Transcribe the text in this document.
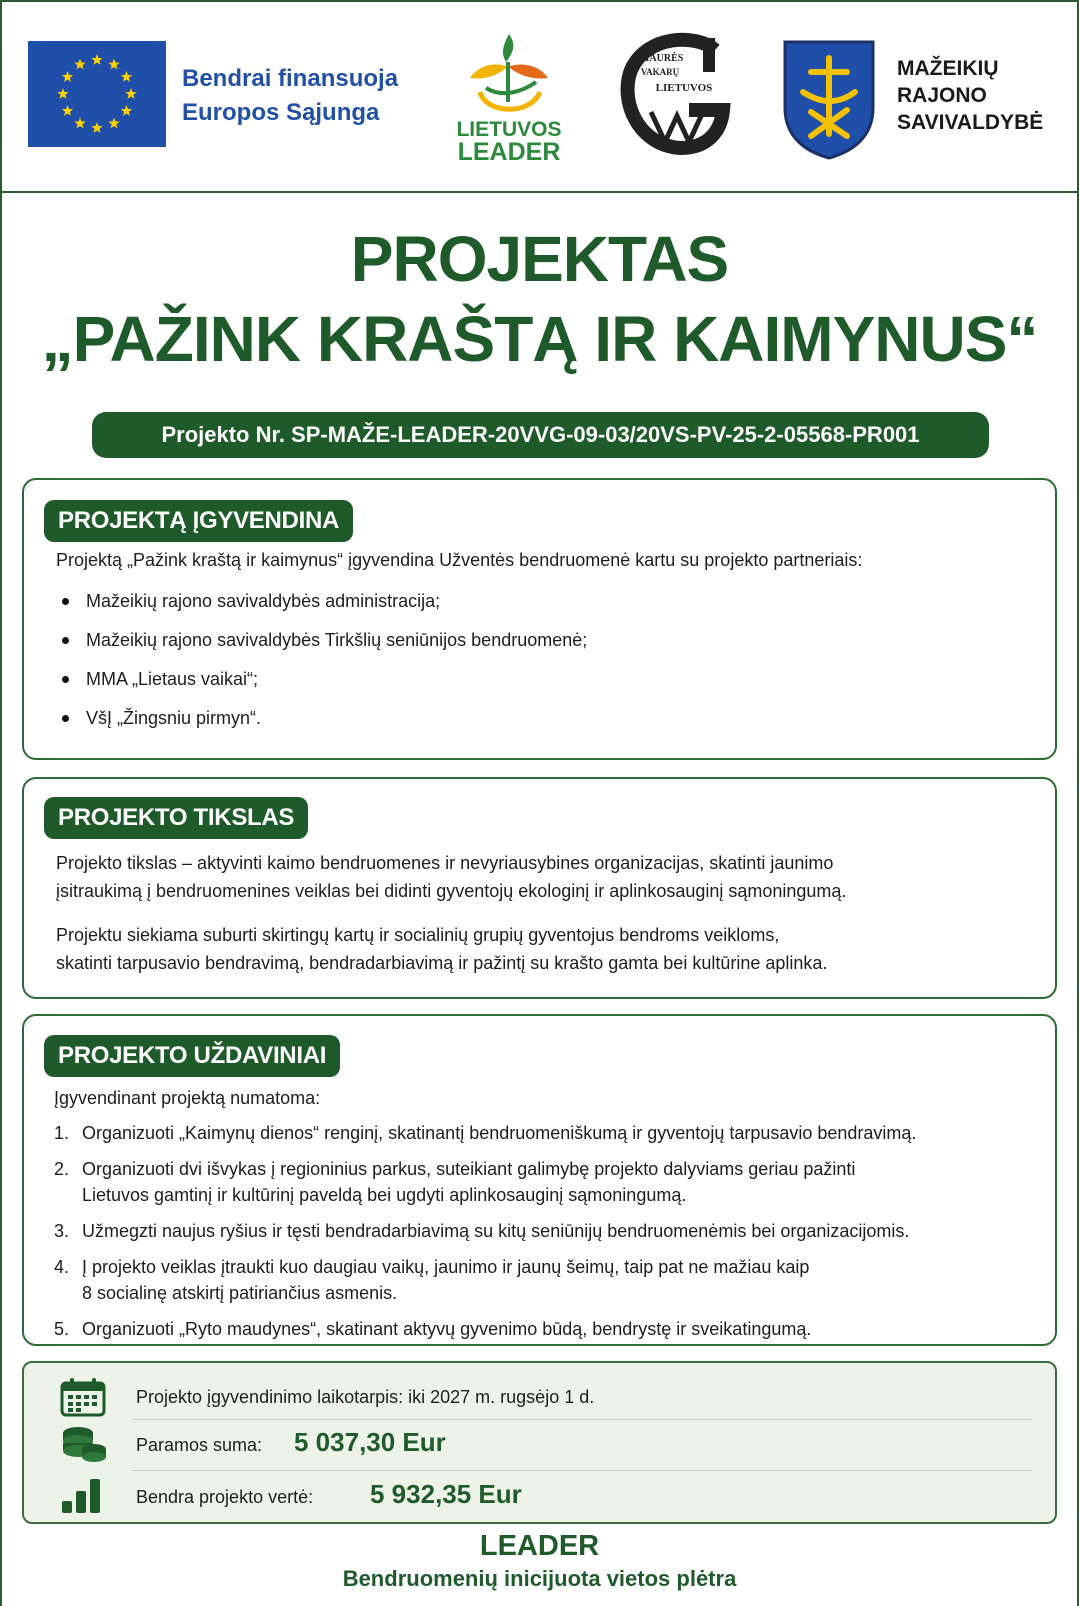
Bendrai finansuoja
Europos Sąjunga
LIETUVOS
LEADER
ŠIAURĖS
VAKARŲ
LIETUVOS
MAŽEIKIŲ
RAJONO
SAVIVALDYBĖ
PROJEKTAS
„PAŽINK KRAŠTĄ IR KAIMYNUS“
Projekto Nr. SP-MAŽE-LEADER-20VVG-09-03/20VS-PV-25-2-05568-PR001
PROJEKTĄ ĮGYVENDINA
Projektą „Pažink kraštą ir kaimynus“ įgyvendina Užventės bendruomenė kartu su projekto partneriais:
Mažeikių rajono savivaldybės administracija;
Mažeikių rajono savivaldybės Tirkšlių seniūnijos bendruomenė;
MMA „Lietaus vaikai“;
VšĮ „Žingsniu pirmyn“.
PROJEKTO TIKSLAS
Projekto tikslas – aktyvinti kaimo bendruomenes ir nevyriausybines organizacijas, skatinti jaunimo
įsitraukimą į bendruomenines veiklas bei didinti gyventojų ekologinį ir aplinkosauginį sąmoningumą.
Projektu siekiama suburti skirtingų kartų ir socialinių grupių gyventojus bendroms veikloms,
skatinti tarpusavio bendravimą, bendradarbiavimą ir pažintį su krašto gamta bei kultūrine aplinka.
PROJEKTO UŽDAVINIAI
Įgyvendinant projektą numatoma:
1. Organizuoti „Kaimynų dienos“ renginį, skatinantį bendruomeniškumą ir gyventojų tarpusavio bendravimą.
2. Organizuoti dvi išvykas į regioninius parkus, suteikiant galimybę projekto dalyviams geriau pažinti
Lietuvos gamtinį ir kultūrinį paveldą bei ugdyti aplinkosauginį sąmoningumą.
3. Užmegzti naujus ryšius ir tęsti bendradarbiavimą su kitų seniūnijų bendruomenėmis bei organizacijomis.
4. Į projekto veiklas įtraukti kuo daugiau vaikų, jaunimo ir jaunų šeimų, taip pat ne mažiau kaip
8 socialinę atskirtį patiriančius asmenis.
5. Organizuoti „Ryto maudynes“, skatinant aktyvų gyvenimo būdą, bendrystę ir sveikatingumą.
Projekto įgyvendinimo laikotarpis: iki 2027 m. rugsėjo 1 d.
Paramos suma: 5 037,30 Eur
Bendra projekto vertė: 5 932,35 Eur
LEADER
Bendruomenių inicijuota vietos plėtra
